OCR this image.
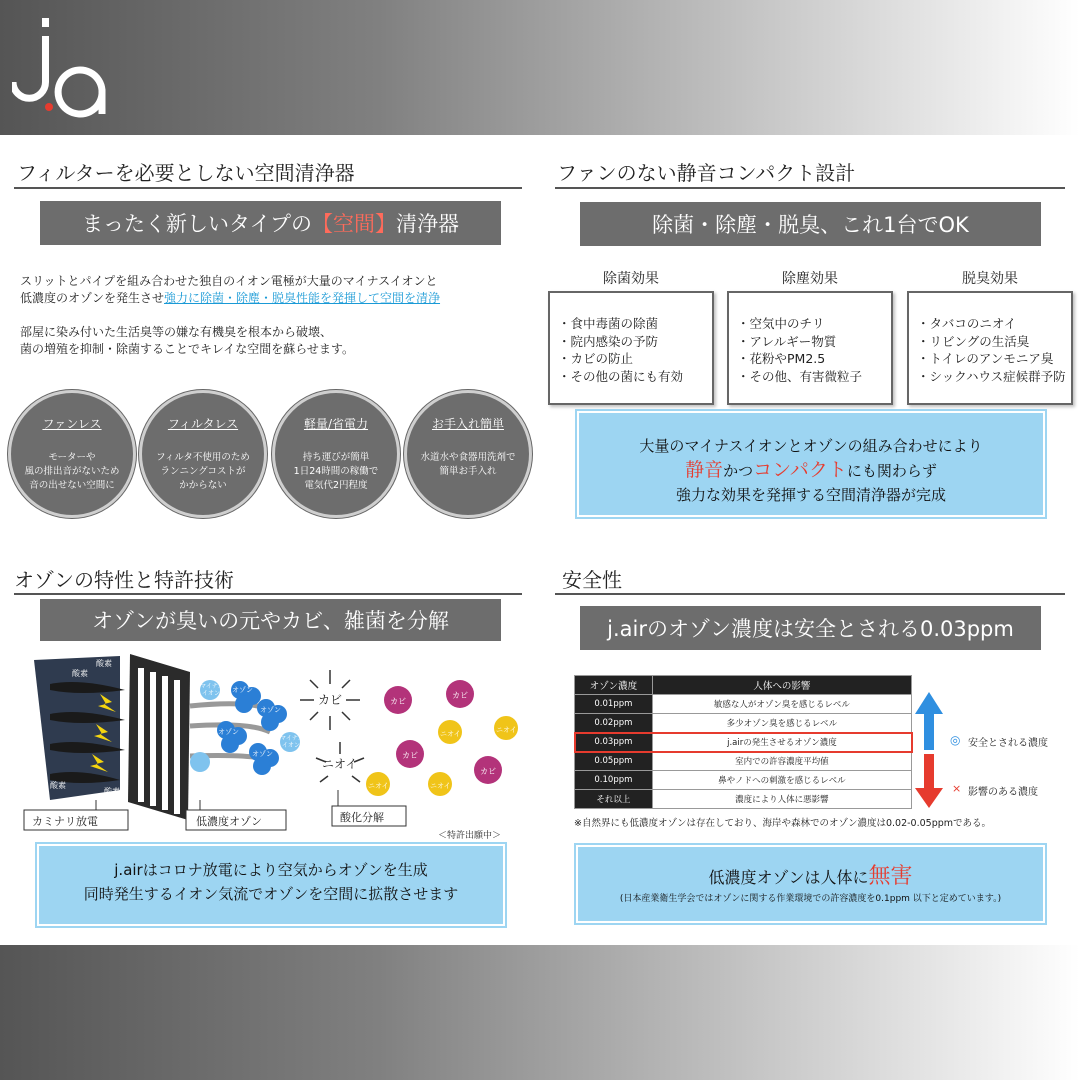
フィルターを必要としない空間清浄器
まったく新しいタイプの 【空間】 清浄器
スリットとパイプを組み合わせた独自のイオン電極が大量のマイナスイオンと
低濃度のオゾンを発生させ強力に除菌・除塵・脱臭性能を発揮して空間を清浄
部屋に染み付いた生活臭等の嫌な有機臭を根本から破壊、
菌の増殖を抑制・除菌することでキレイな空間を蘇らせます。
ファンレス
モーターや
風の排出音がないため
音の出せない空間に
フィルタレス
フィルタ不使用のため
ランニングコストが
かからない
軽量/省電力
持ち運びが簡単
1日24時間の稼働で
電気代2円程度
お手入れ簡単
水道水や食器用洗剤で
簡単お手入れ
ファンのない静音コンパクト設計
除菌・除塵・脱臭、これ1台でOK
除菌効果	除塵効果	脱臭効果
・食中毒菌の除菌
・院内感染の予防
・カビの防止
・その他の菌にも有効
・空気中のチリ
・アレルギー物質
・花粉やPM2.5
・その他、有害微粒子
・タバコのニオイ
・リビングの生活臭
・トイレのアンモニア臭
・シックハウス症候群予防
大量のマイナスイオンとオゾンの組み合わせにより
静音かつコンパクトにも関わらず
強力な効果を発揮する空間清浄器が完成
オゾンの特性と特許技術
オゾンが臭いの元やカビ、雑菌を分解
酸素
酸素
酸素
酸素
オゾン
オゾン
オゾン
オゾン
マイナス
イオン
マイナス
イオン
カビ
ニオイ
カビ
カビ
カビ
カビ
ニオイ	ニオイ
ニオイ	ニオイ
カミナリ放電	低濃度オゾン	酸化分解
＜特許出願中＞
j.airはコロナ放電により空気からオゾンを生成
同時発生するイオン気流でオゾンを空間に拡散させます
安全性
j.airのオゾン濃度は安全とされる0.03ppm
オゾン濃度	人体への影響
0.01ppm	敏感な人がオゾン臭を感じるレベル
0.02ppm	多少オゾン臭を感じるレベル
0.03ppm	j.airの発生させるオゾン濃度
0.05ppm	室内での許容濃度平均値
0.10ppm	鼻やノドへの刺激を感じるレベル
それ以上	濃度により人体に悪影響
◎ 安全とされる濃度
× 影響のある濃度
※自然界にも低濃度オゾンは存在しており、海岸や森林でのオゾン濃度は0.02-0.05ppmである。
低濃度オゾンは人体に無害
(日本産業衛生学会ではオゾンに関する作業環境での許容濃度を0.1ppm 以下と定めています。)
